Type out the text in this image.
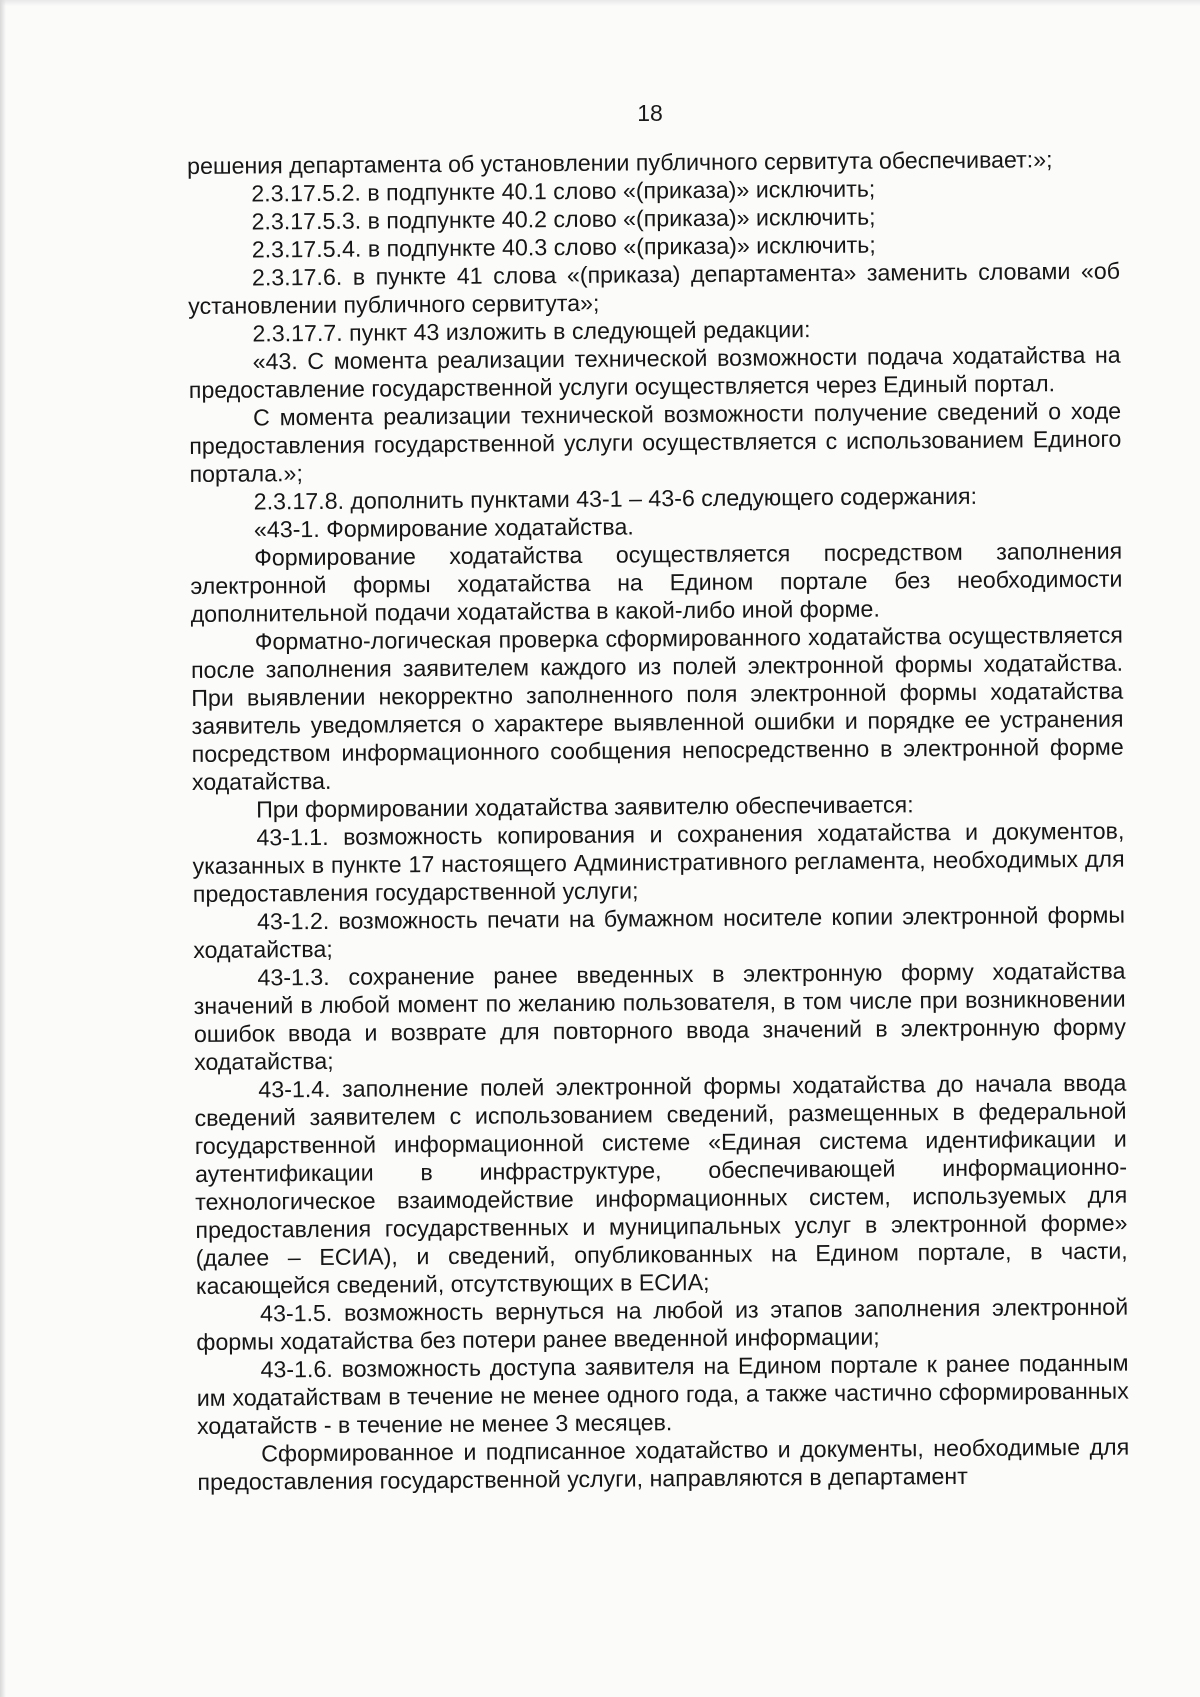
18

решения департамента об установлении публичного сервитута обеспечивает:»;

2.3.17.5.2. в подпункте 40.1 слово «(приказа)» исключить;

2.3.17.5.3. в подпункте 40.2 слово «(приказа)» исключить;

2.3.17.5.4. в подпункте 40.3 слово «(приказа)» исключить;

2.3.17.6. в пункте 41 слова «(приказа) департамента» заменить словами «об установлении публичного сервитута»;

2.3.17.7. пункт 43 изложить в следующей редакции:

«43. С момента реализации технической возможности подача ходатайства на предоставление государственной услуги осуществляется через Единый портал.

С момента реализации технической возможности получение сведений о ходе предоставления государственной услуги осуществляется с использованием Единого портала.»;

2.3.17.8. дополнить пунктами 43-1 – 43-6 следующего содержания:

«43-1. Формирование ходатайства.

Формирование ходатайства осуществляется посредством заполнения электронной формы ходатайства на Едином портале без необходимости дополнительной подачи ходатайства в какой-либо иной форме.

Форматно-логическая проверка сформированного ходатайства осуществляется после заполнения заявителем каждого из полей электронной формы ходатайства. При выявлении некорректно заполненного поля электронной формы ходатайства заявитель уведомляется о характере выявленной ошибки и порядке ее устранения посредством информационного сообщения непосредственно в электронной форме ходатайства.

При формировании ходатайства заявителю обеспечивается:

43-1.1. возможность копирования и сохранения ходатайства и документов, указанных в пункте 17 настоящего Административного регламента, необходимых для предоставления государственной услуги;

43-1.2. возможность печати на бумажном носителе копии электронной формы ходатайства;

43-1.3. сохранение ранее введенных в электронную форму ходатайства значений в любой момент по желанию пользователя, в том числе при возникновении ошибок ввода и возврате для повторного ввода значений в электронную форму ходатайства;

43-1.4. заполнение полей электронной формы ходатайства до начала ввода сведений заявителем с использованием сведений, размещенных в федеральной государственной информационной системе «Единая система идентификации и аутентификации в инфраструктуре, обеспечивающей информационно-технологическое взаимодействие информационных систем, используемых для предоставления государственных и муниципальных услуг в электронной форме» (далее – ЕСИА), и сведений, опубликованных на Едином портале, в части, касающейся сведений, отсутствующих в ЕСИА;

43-1.5. возможность вернуться на любой из этапов заполнения электронной формы ходатайства без потери ранее введенной информации;

43-1.6. возможность доступа заявителя на Едином портале к ранее поданным им ходатайствам в течение не менее одного года, а также частично сформированных ходатайств - в течение не менее 3 месяцев.

Сформированное и подписанное ходатайство и документы, необходимые для предоставления государственной услуги, направляются в департамент
